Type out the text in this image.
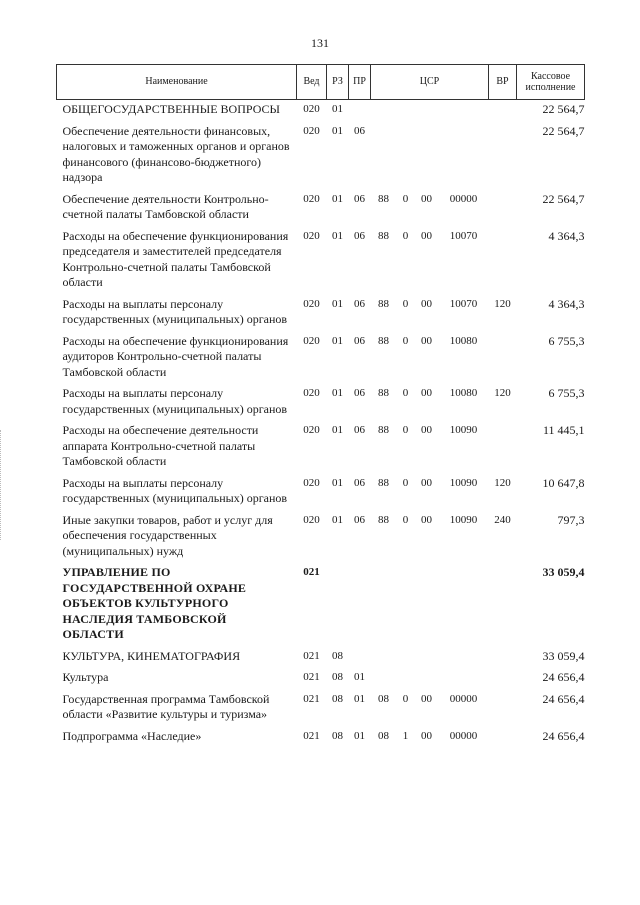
131
Наименование	Вед	РЗ	ПР	ЦСР				ВР	Кассовое исполнение
ОБЩЕГОСУДАРСТВЕННЫЕ ВОПРОСЫ	020	01							22 564,7
Обеспечение деятельности финансовых, налоговых и таможенных органов и органов финансового (финансово-бюджетного) надзора	020	01	06						22 564,7
Обеспечение деятельности Контрольно-счетной палаты Тамбовской области	020	01	06	88	0	00	00000		22 564,7
Расходы на обеспечение функционирования председателя и заместителей председателя Контрольно-счетной палаты Тамбовской области	020	01	06	88	0	00	10070		4 364,3
Расходы на выплаты персоналу государственных (муниципальных) органов	020	01	06	88	0	00	10070	120	4 364,3
Расходы на обеспечение функционирования аудиторов Контрольно-счетной палаты Тамбовской области	020	01	06	88	0	00	10080		6 755,3
Расходы на выплаты персоналу государственных (муниципальных) органов	020	01	06	88	0	00	10080	120	6 755,3
Расходы на обеспечение деятельности аппарата Контрольно-счетной палаты Тамбовской области	020	01	06	88	0	00	10090		11 445,1
Расходы на выплаты персоналу государственных (муниципальных) органов	020	01	06	88	0	00	10090	120	10 647,8
Иные закупки товаров, работ и услуг для обеспечения государственных (муниципальных) нужд	020	01	06	88	0	00	10090	240	797,3
УПРАВЛЕНИЕ ПО ГОСУДАРСТВЕННОЙ ОХРАНЕ ОБЪЕКТОВ КУЛЬТУРНОГО НАСЛЕДИЯ ТАМБОВСКОЙ ОБЛАСТИ	021								33 059,4
КУЛЬТУРА, КИНЕМАТОГРАФИЯ	021	08							33 059,4
Культура	021	08	01						24 656,4
Государственная программа Тамбовской области «Развитие культуры и туризма»	021	08	01	08	0	00	00000		24 656,4
Подпрограмма «Наследие»	021	08	01	08	1	00	00000		24 656,4
